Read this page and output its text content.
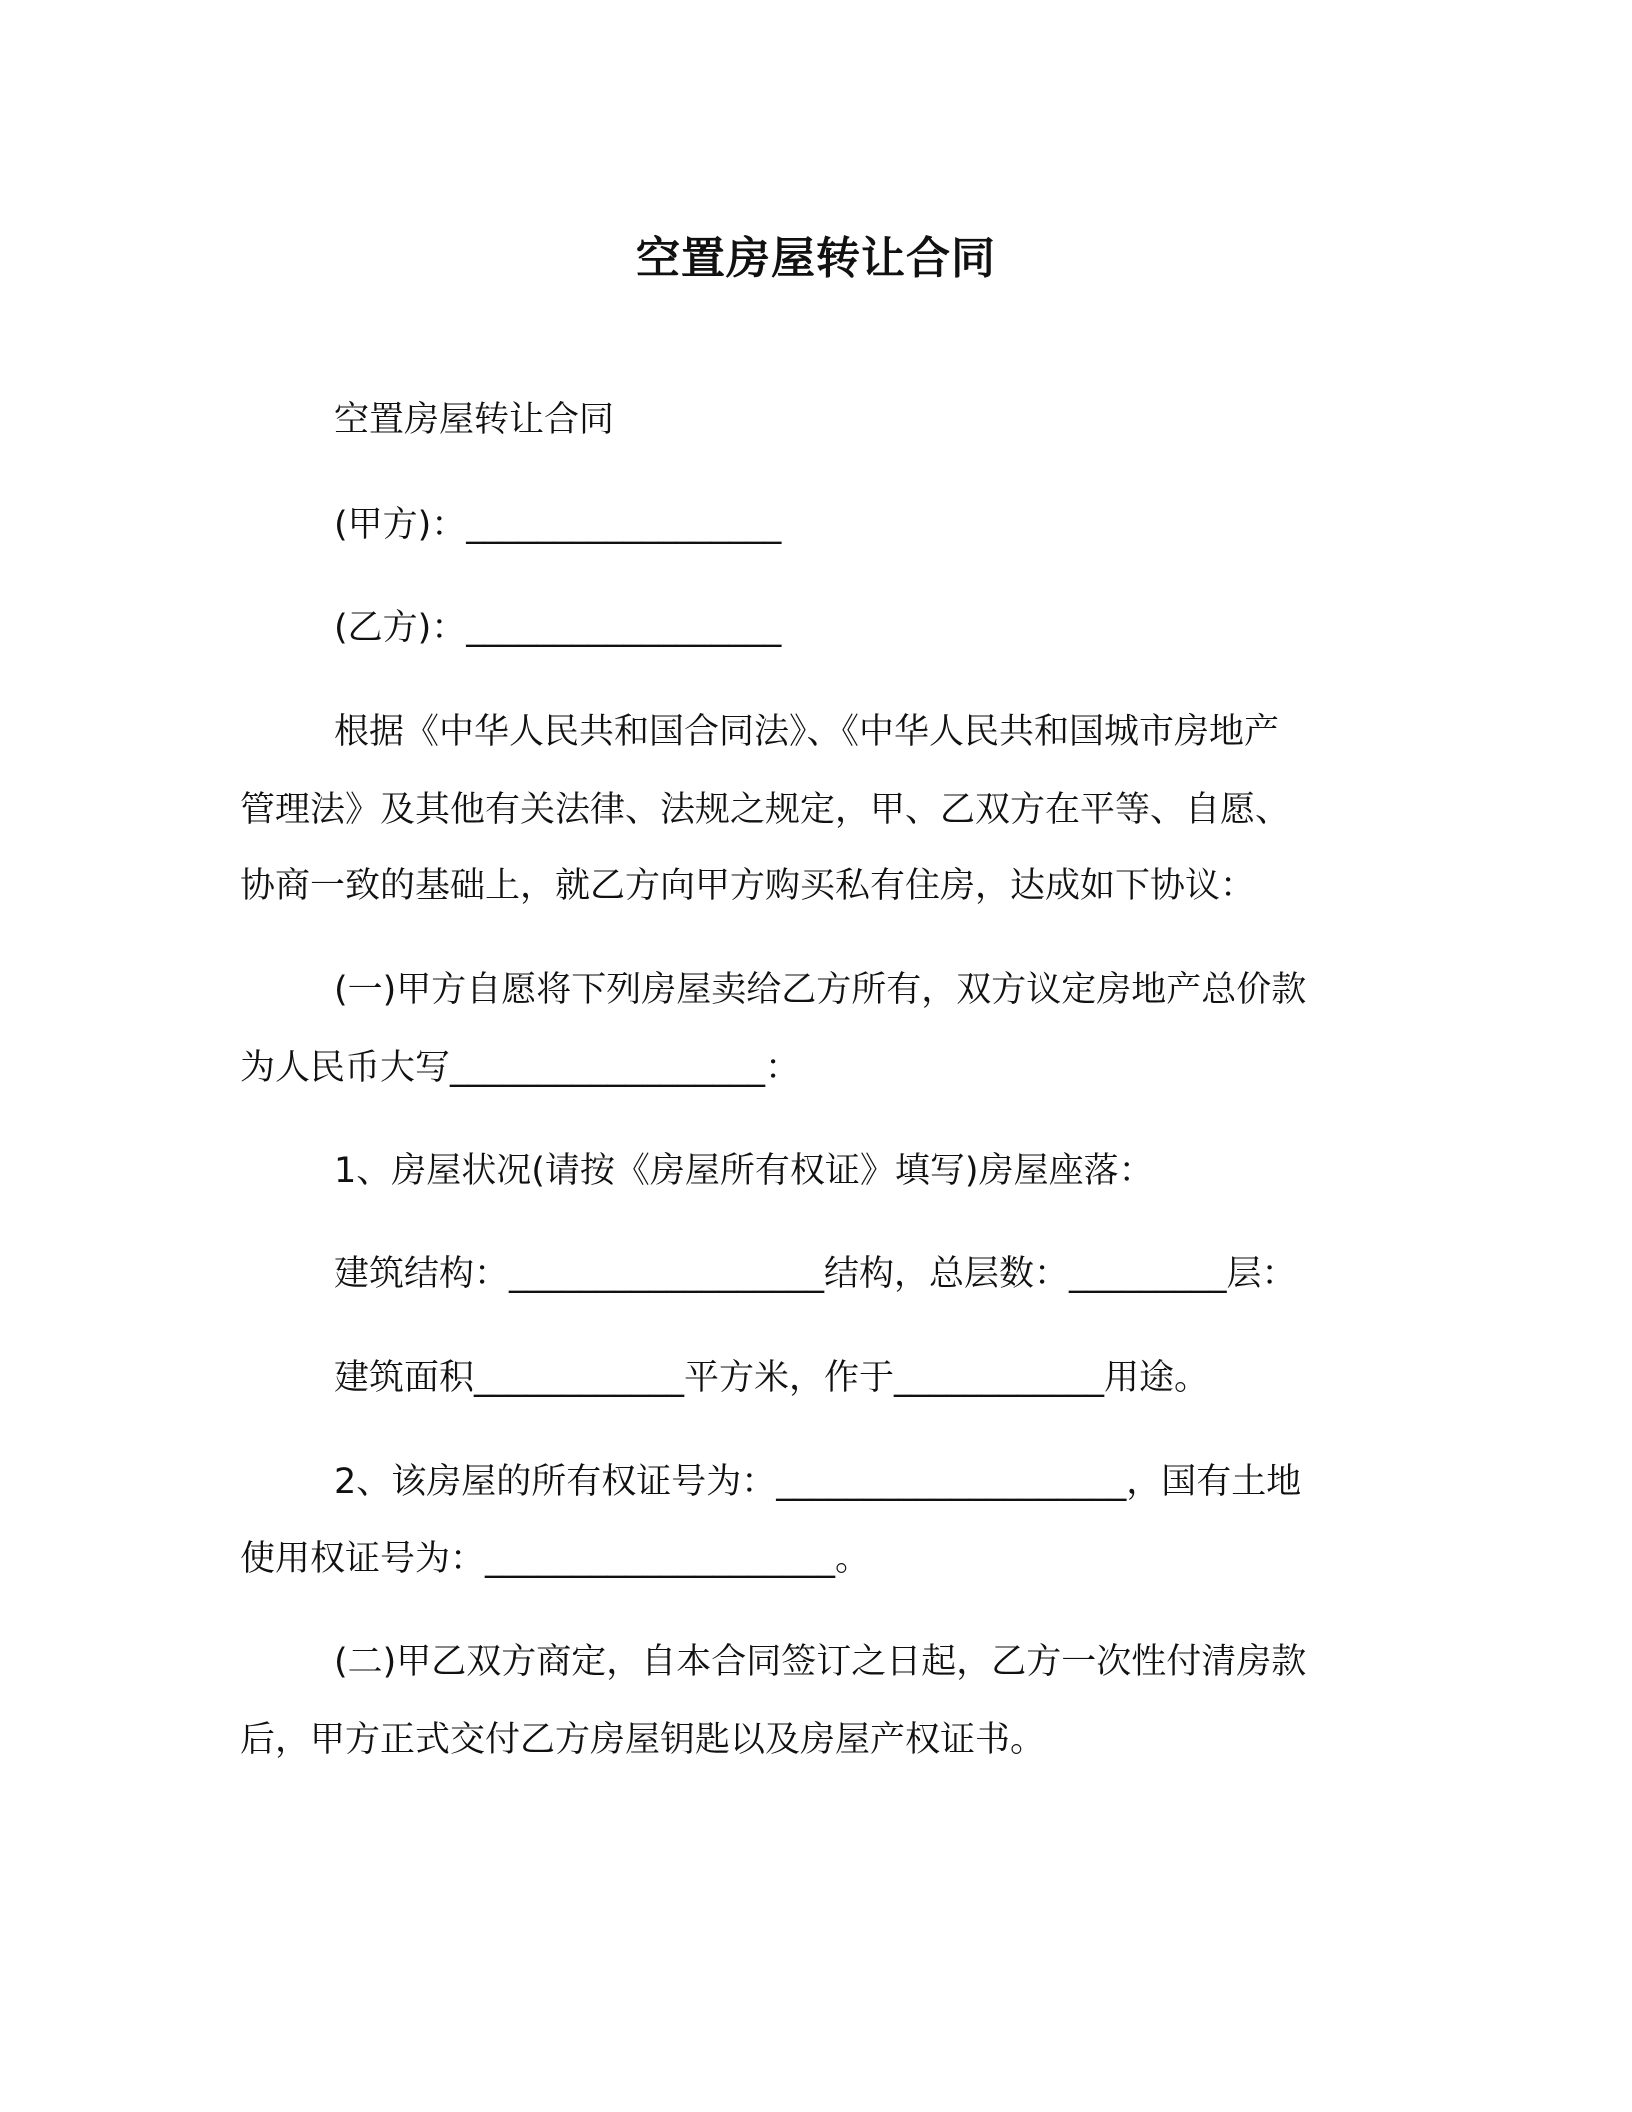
空置房屋转让合同
空置房屋转让合同
(甲方)：__________________
(乙方)：__________________
根据《中华人民共和国合同法》、《中华人民共和国城市房地产
管理法》及其他有关法律、法规之规定，甲、乙双方在平等、自愿、
协商一致的基础上，就乙方向甲方购买私有住房，达成如下协议：
(一)甲方自愿将下列房屋卖给乙方所有，双方议定房地产总价款
为人民币大写__________________：
1、房屋状况(请按《房屋所有权证》填写)房屋座落：
建筑结构：__________________结构，总层数：_________层：
建筑面积____________平方米，作于____________用途。
2、该房屋的所有权证号为：____________________，国有土地
使用权证号为：____________________。
(二)甲乙双方商定，自本合同签订之日起，乙方一次性付清房款
后，甲方正式交付乙方房屋钥匙以及房屋产权证书。
